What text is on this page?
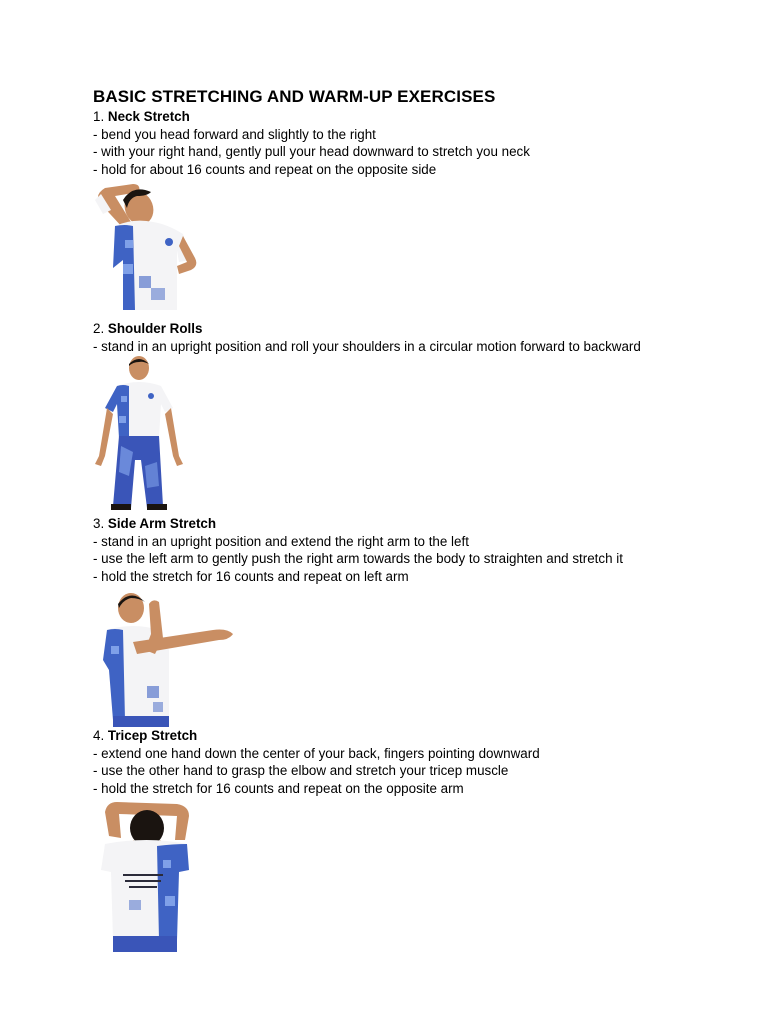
BASIC STRETCHING AND WARM-UP EXERCISES
1. Neck Stretch
- bend you head forward and slightly to the right
- with your right hand, gently pull your head downward to stretch you neck
- hold for about 16 counts and repeat on the opposite side
2. Shoulder Rolls
- stand in an upright position and roll your shoulders in a circular motion forward to backward
3. Side Arm Stretch
- stand in an upright position and extend the right arm to the left
- use the left arm to gently push the right arm towards the body to straighten and stretch it
- hold the stretch for 16 counts and repeat on left arm
4. Tricep Stretch
- extend one hand down the center of your back, fingers pointing downward
- use the other hand to grasp the elbow and stretch your tricep muscle
- hold the stretch for 16 counts and repeat on the opposite arm
